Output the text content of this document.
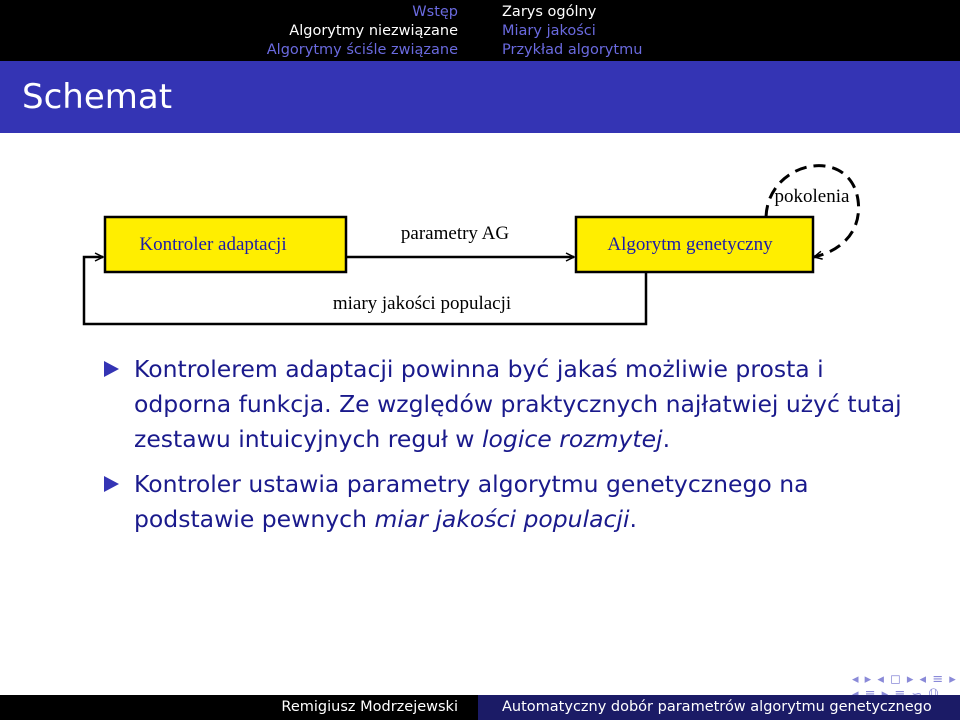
Wstęp
Algorytmy niezwiązane
Algorytmy ściśle związane
Zarys ogólny
Miary jakości
Przykład algorytmu
Schemat
Kontroler adaptacji	Algorytm genetyczny
parametry AG
miary jakości populacji
pokolenia
Kontrolerem adaptacji powinna być jakaś możliwie prosta i odporna funkcja. Ze względów praktycznych najłatwiej użyć tutaj zestawu intuicyjnych reguł w logice rozmytej.
Kontroler ustawia parametry algorytmu genetycznego na podstawie pewnych miar jakości populacji.
◂ ▸ ◂ ◻ ▸ ◂ ≡ ▸
Remigiusz Modrzejewski	Automatyczny dobór parametrów algorytmu genetycznego
